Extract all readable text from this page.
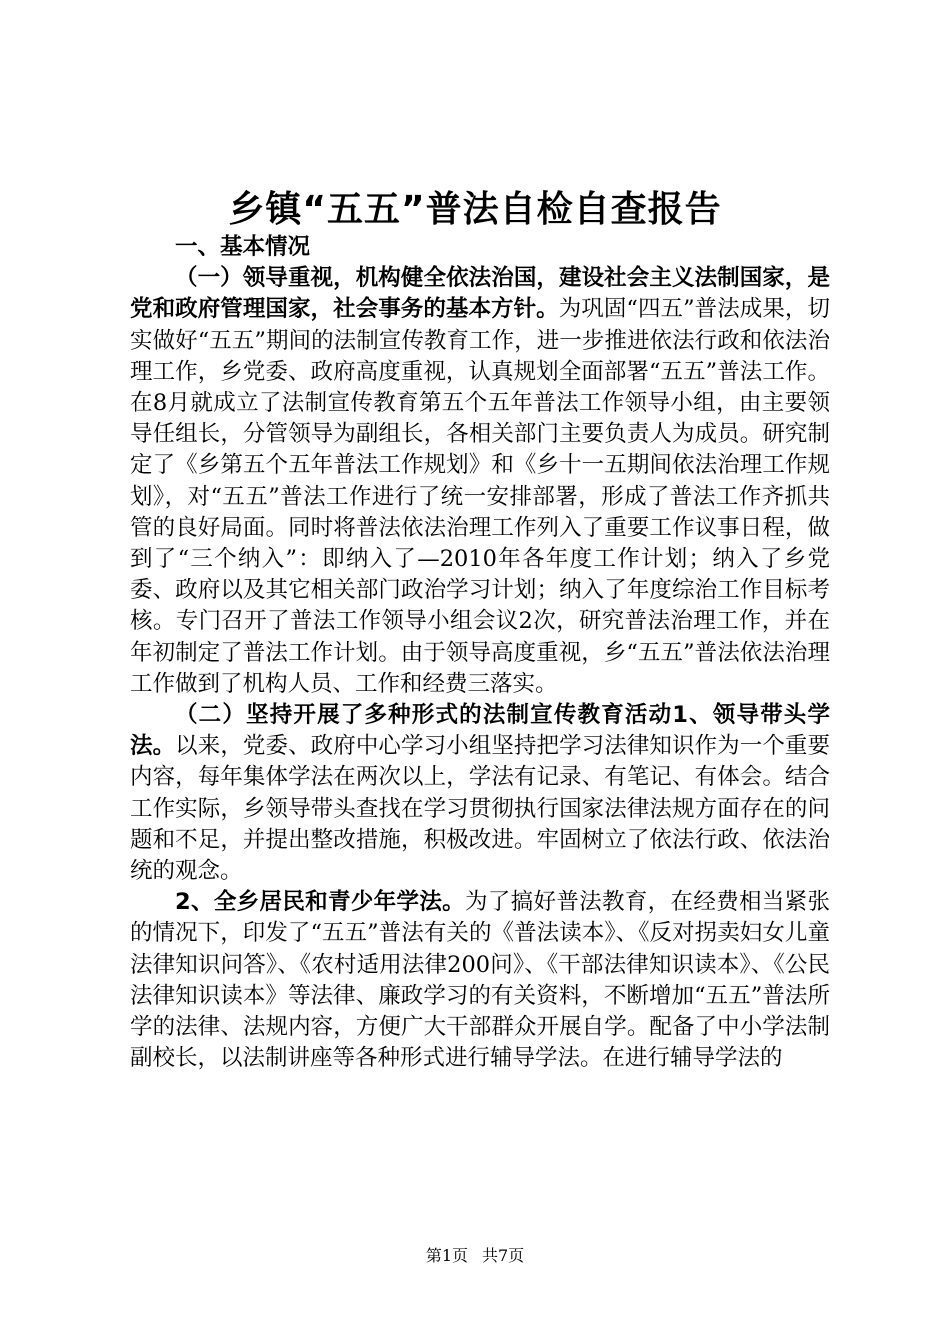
乡镇“五五”普法自检自查报告

一、基本情况

（一）领导重视，机构健全依法治国，建设社会主义法制国家，是党和政府管理国家，社会事务的基本方针。为巩固“四五”普法成果，切实做好“五五”期间的法制宣传教育工作，进一步推进依法行政和依法治理工作，乡党委、政府高度重视，认真规划全面部署“五五”普法工作。在8月就成立了法制宣传教育第五个五年普法工作领导小组，由主要领导任组长，分管领导为副组长，各相关部门主要负责人为成员。研究制定了《乡第五个五年普法工作规划》和《乡十一五期间依法治理工作规划》，对“五五”普法工作进行了统一安排部署，形成了普法工作齐抓共管的良好局面。同时将普法依法治理工作列入了重要工作议事日程，做到了“三个纳入”：即纳入了—2010年各年度工作计划；纳入了乡党委、政府以及其它相关部门政治学习计划；纳入了年度综治工作目标考核。专门召开了普法工作领导小组会议2次，研究普法治理工作，并在年初制定了普法工作计划。由于领导高度重视，乡“五五”普法依法治理工作做到了机构人员、工作和经费三落实。

（二）坚持开展了多种形式的法制宣传教育活动1、领导带头学法。以来，党委、政府中心学习小组坚持把学习法律知识作为一个重要内容，每年集体学法在两次以上，学法有记录、有笔记、有体会。结合工作实际，乡领导带头查找在学习贯彻执行国家法律法规方面存在的问题和不足，并提出整改措施，积极改进。牢固树立了依法行政、依法治统的观念。

2、全乡居民和青少年学法。为了搞好普法教育，在经费相当紧张的情况下，印发了“五五”普法有关的《普法读本》、《反对拐卖妇女儿童法律知识问答》、《农村适用法律200问》、《干部法律知识读本》、《公民法律知识读本》等法律、廉政学习的有关资料，不断增加“五五”普法所学的法律、法规内容，方便广大干部群众开展自学。配备了中小学法制副校长，以法制讲座等各种形式进行辅导学法。在进行辅导学法的

第1页 共7页
